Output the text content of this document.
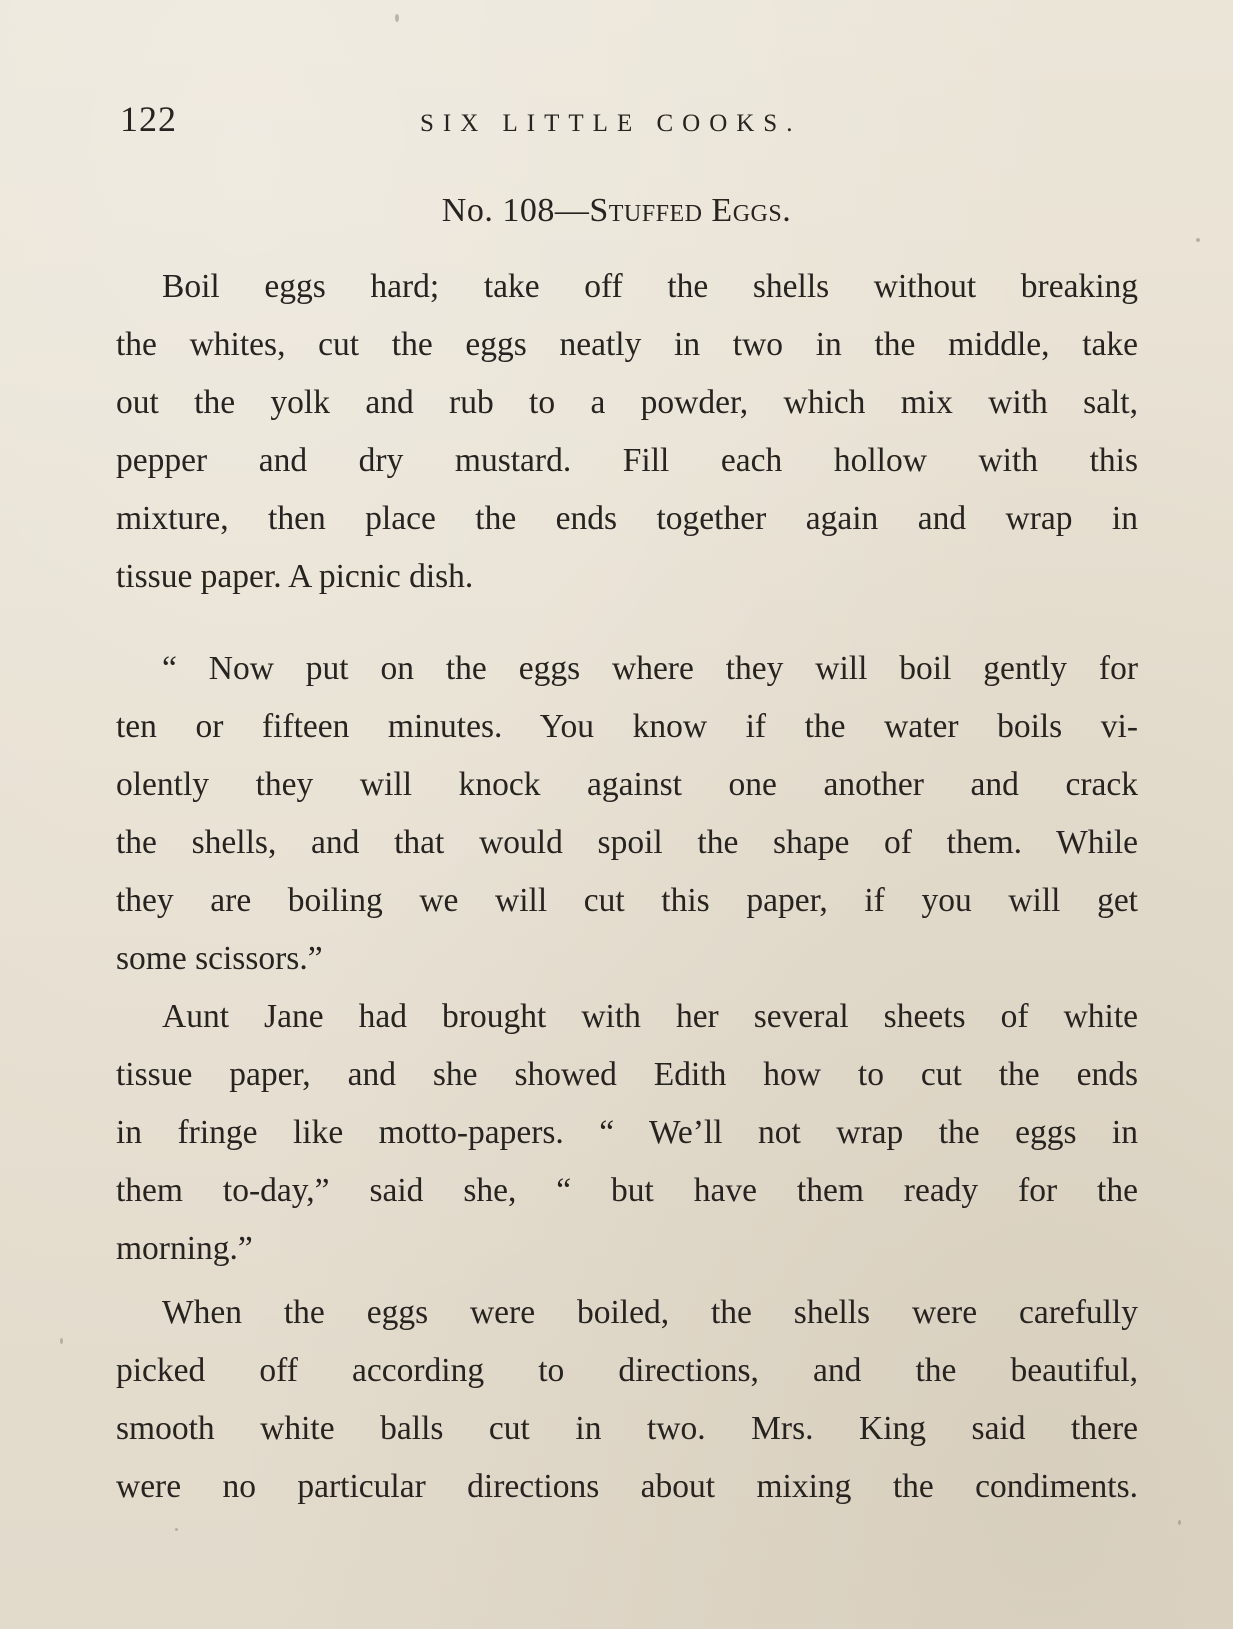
122	SIX LITTLE COOKS.
No. 108—Stuffed Eggs.
Boil eggs hard; take off the shells without breaking
the whites, cut the eggs neatly in two in the middle, take
out the yolk and rub to a powder, which mix with salt,
pepper and dry mustard. Fill each hollow with this
mixture, then place the ends together again and wrap in
tissue paper. A picnic dish.
“ Now put on the eggs where they will boil gently for
ten or fifteen minutes. You know if the water boils vi-
olently they will knock against one another and crack
the shells, and that would spoil the shape of them. While
they are boiling we will cut this paper, if you will get
some scissors.”
Aunt Jane had brought with her several sheets of white
tissue paper, and she showed Edith how to cut the ends
in fringe like motto-papers. “ We’ll not wrap the eggs in
them to-day,” said she, “ but have them ready for the
morning.”
When the eggs were boiled, the shells were carefully
picked off according to directions, and the beautiful,
smooth white balls cut in two. Mrs. King said there
were no particular directions about mixing the condiments.
